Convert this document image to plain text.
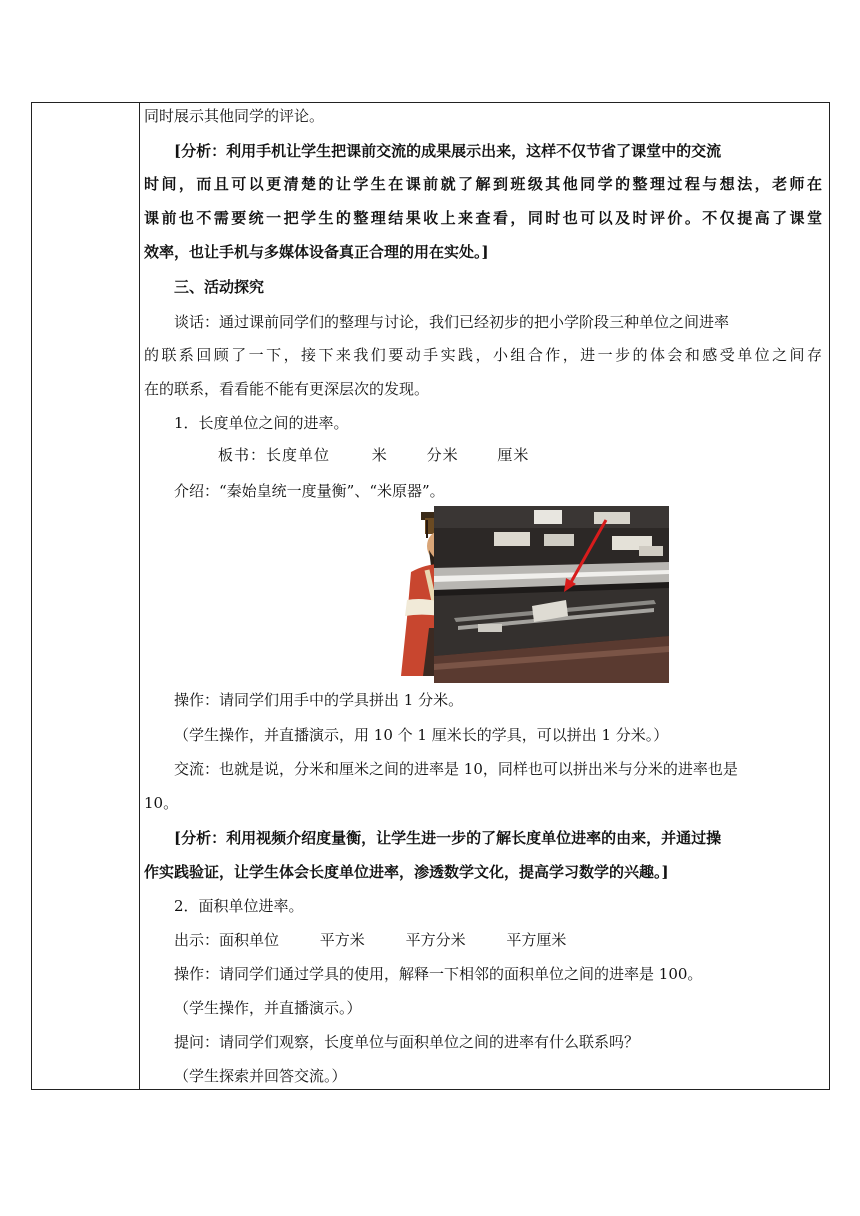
同时展示其他同学的评论。
[分析：利用手机让学生把课前交流的成果展示出来，这样不仅节省了课堂中的交流
时间，而且可以更清楚的让学生在课前就了解到班级其他同学的整理过程与想法，老师在
课前也不需要统一把学生的整理结果收上来查看，同时也可以及时评价。不仅提高了课堂
效率，也让手机与多媒体设备真正合理的用在实处。]
三、活动探究
谈话：通过课前同学们的整理与讨论，我们已经初步的把小学阶段三种单位之间进率
的联系回顾了一下，接下来我们要动手实践，小组合作，进一步的体会和感受单位之间存
在的联系，看看能不能有更深层次的发现。
1．长度单位之间的进率。
板书：长度单位	米	分米	厘米
介绍：“秦始皇统一度量衡”、“米原器”。
操作：请同学们用手中的学具拼出 1 分米。
（学生操作，并直播演示，用 10 个 1 厘米长的学具，可以拼出 1 分米。）
交流：也就是说，分米和厘米之间的进率是 10，同样也可以拼出米与分米的进率也是
10。
[分析：利用视频介绍度量衡，让学生进一步的了解长度单位进率的由来，并通过操
作实践验证，让学生体会长度单位进率，渗透数学文化，提高学习数学的兴趣。]
2．面积单位进率。
出示：面积单位	平方米	平方分米	平方厘米
操作：请同学们通过学具的使用，解释一下相邻的面积单位之间的进率是 100。
（学生操作，并直播演示。）
提问：请同学们观察，长度单位与面积单位之间的进率有什么联系吗？
（学生探索并回答交流。）
